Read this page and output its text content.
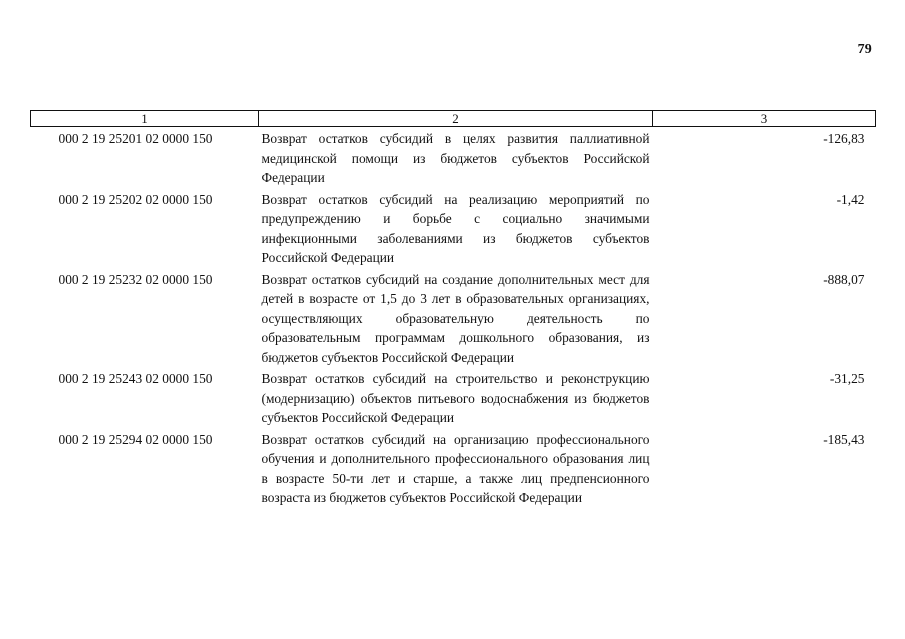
79
1	2	3
000 2 19 25201 02 0000 150	Возврат остатков субсидий в целях развития паллиативной медицинской помощи из бюджетов субъектов Российской Федерации	-126,83
000 2 19 25202 02 0000 150	Возврат остатков субсидий на реализацию мероприятий по предупреждению и борьбе с социально значимыми инфекционными заболеваниями из бюджетов субъектов Российской Федерации	-1,42
000 2 19 25232 02 0000 150	Возврат остатков субсидий на создание дополнительных мест для детей в возрасте от 1,5 до 3 лет в образовательных организациях, осуществляющих образовательную деятельность по образовательным программам дошкольного образования, из бюджетов субъектов Российской Федерации	-888,07
000 2 19 25243 02 0000 150	Возврат остатков субсидий на строительство и реконструкцию (модернизацию) объектов питьевого водоснабжения из бюджетов субъектов Российской Федерации	-31,25
000 2 19 25294 02 0000 150	Возврат остатков субсидий на организацию профессионального обучения и дополнительного профессионального образования лиц в возрасте 50-ти лет и старше, а также лиц предпенсионного возраста из бюджетов субъектов Российской Федерации	-185,43
